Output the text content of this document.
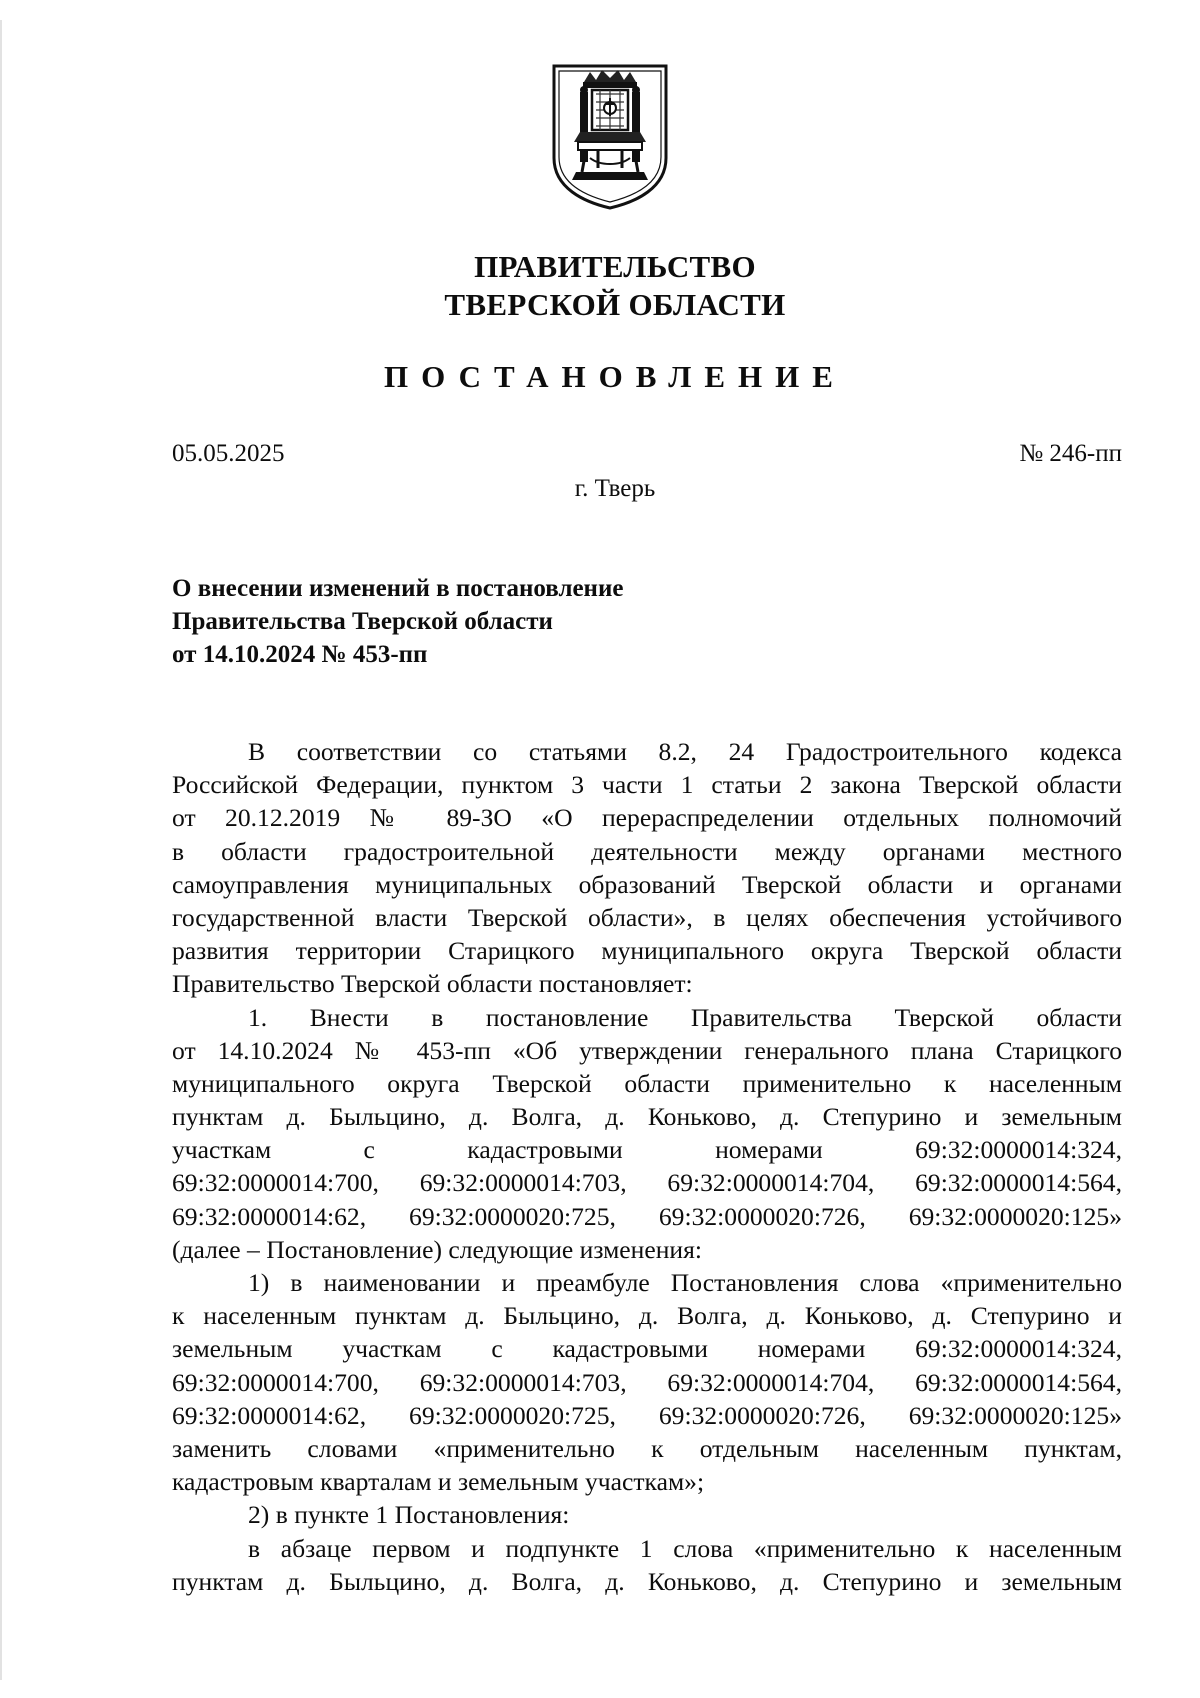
ПРАВИТЕЛЬСТВО
ТВЕРСКОЙ ОБЛАСТИ
ПОСТАНОВЛЕНИЕ
05.05.2025	№ 246-пп
г. Тверь
О внесении изменений в постановление
Правительства Тверской области
от 14.10.2024 № 453-пп
В соответствии со статьями 8.2, 24 Градостроительного кодекса
Российской Федерации, пунктом 3 части 1 статьи 2 закона Тверской области
от 20.12.2019 № 89-ЗО «О перераспределении отдельных полномочий
в области градостроительной деятельности между органами местного
самоуправления муниципальных образований Тверской области и органами
государственной власти Тверской области», в целях обеспечения устойчивого
развития территории Старицкого муниципального округа Тверской области
Правительство Тверской области постановляет:
1. Внести в постановление Правительства Тверской области
от 14.10.2024 № 453-пп «Об утверждении генерального плана Старицкого
муниципального округа Тверской области применительно к населенным
пунктам д. Быльцино, д. Волга, д. Коньково, д. Степурино и земельным
участкам с кадастровыми номерами 69:32:0000014:324,
69:32:0000014:700, 69:32:0000014:703, 69:32:0000014:704, 69:32:0000014:564,
69:32:0000014:62, 69:32:0000020:725, 69:32:0000020:726, 69:32:0000020:125»
(далее – Постановление) следующие изменения:
1) в наименовании и преамбуле Постановления слова «применительно
к населенным пунктам д. Быльцино, д. Волга, д. Коньково, д. Степурино и
земельным участкам с кадастровыми номерами 69:32:0000014:324,
69:32:0000014:700, 69:32:0000014:703, 69:32:0000014:704, 69:32:0000014:564,
69:32:0000014:62, 69:32:0000020:725, 69:32:0000020:726, 69:32:0000020:125»
заменить словами «применительно к отдельным населенным пунктам,
кадастровым кварталам и земельным участкам»;
2) в пункте 1 Постановления:
в абзаце первом и подпункте 1 слова «применительно к населенным
пунктам д. Быльцино, д. Волга, д. Коньково, д. Степурино и земельным
